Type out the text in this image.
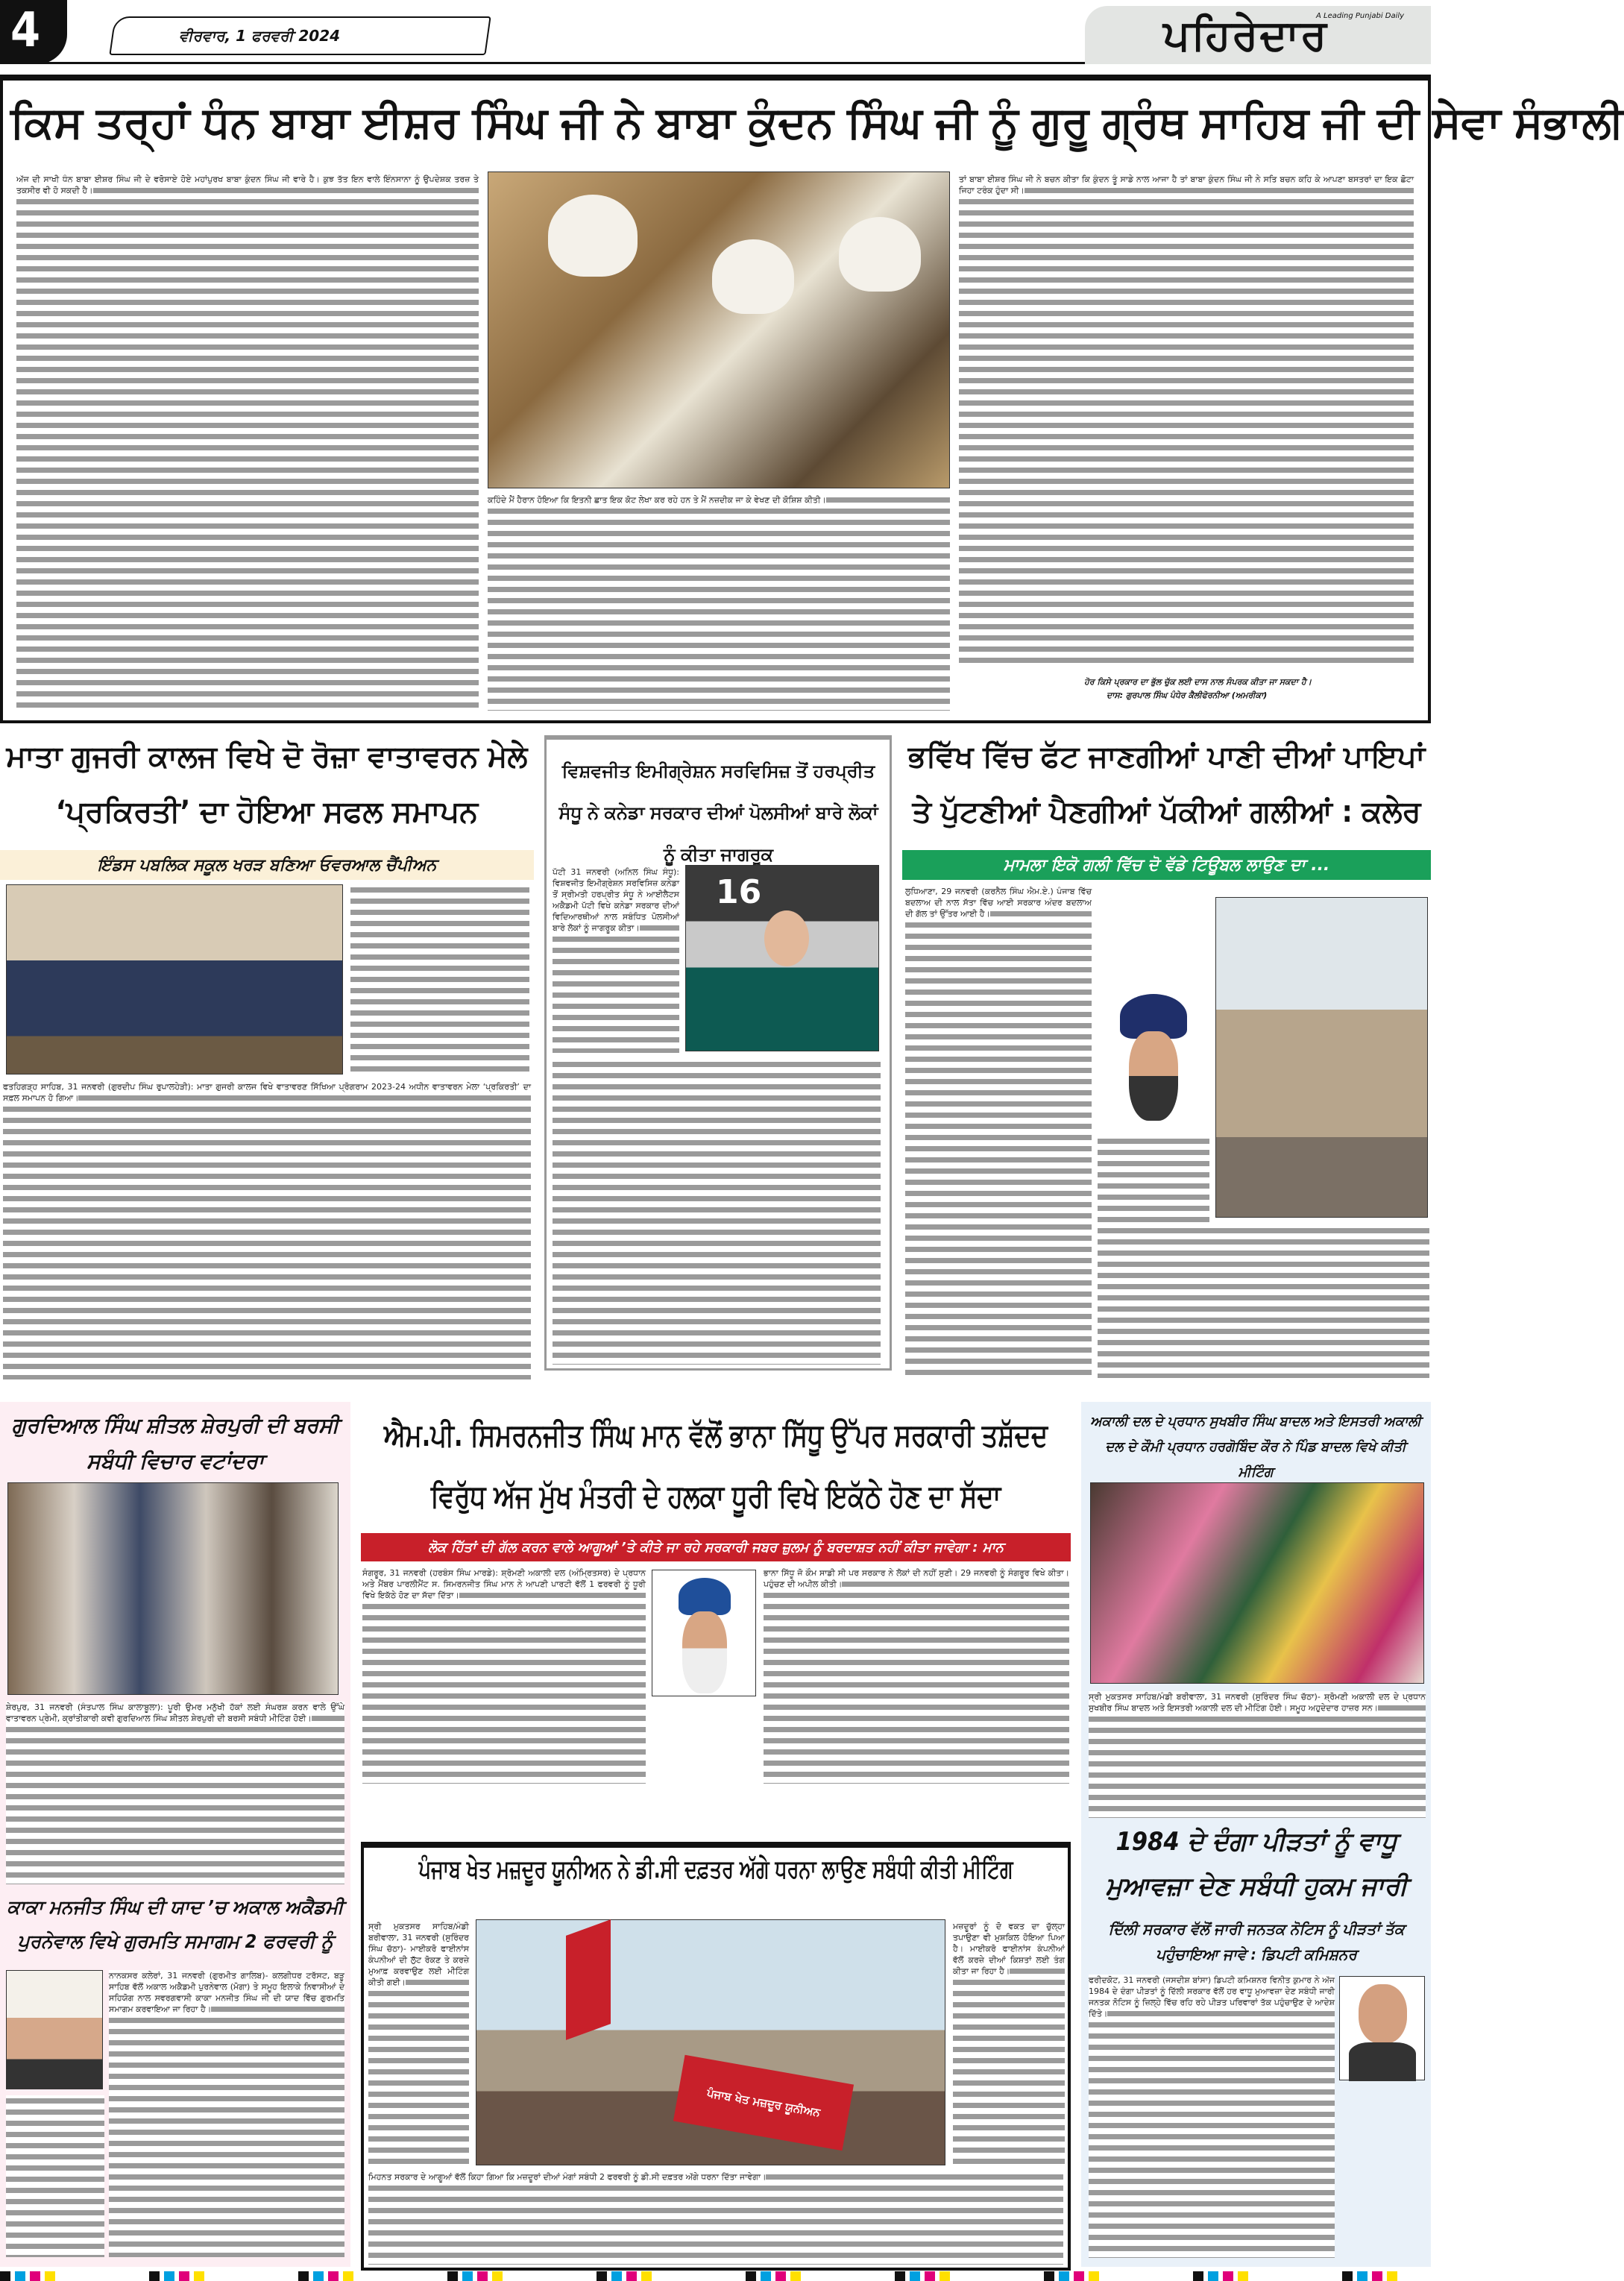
4	ਵੀਰਵਾਰ, 1 ਫਰਵਰੀ 2024
A Leading Punjabi Daily
ਪਹਿਰੇਦਾਰ
ਕਿਸ ਤਰ੍ਹਾਂ ਧੰਨ ਬਾਬਾ ਈਸ਼ਰ ਸਿੰਘ ਜੀ ਨੇ ਬਾਬਾ ਕੁੰਦਨ ਸਿੰਘ ਜੀ ਨੂੰ ਗੁਰੂ ਗ੍ਰੰਥ ਸਾਹਿਬ ਜੀ ਦੀ ਸੇਵਾ ਸੰਭਾਲੀ
ਅੱਜ ਦੀ ਸਾਖੀ ਧੰਨ ਬਾਬਾ ਈਸ਼ਰ ਸਿੰਘ ਜੀ ਦੇ ਵਰੋਸਾਏ ਹੋਏ ਮਹਾਂਪੁਰਖ ਬਾਬਾ ਕੁੰਦਨ ਸਿੰਘ ਜੀ ਵਾਰੇ ਹੈ। ਕੁਝ ਤੱਤ ਇਨ ਵਾਲੇ ਇੰਨਸਾਨਾ ਨੂੰ ਉਪਦੇਸ਼ਕ ਤਰਜ਼ ਤੇ ਤਕਸੀਰ ਵੀ ਹੋ ਸਕਦੀ ਹੈ।
ਕਹਿੰਦੇ ਮੈਂ ਹੈਰਾਨ ਹੋਇਆ ਕਿ ਇਤਨੀ ਛਾਤ ਇਕ ਕੋਟ ਲੇਖਾ ਕਰ ਰਹੇ ਹਨ ਤੇ ਮੈਂ ਨਜ਼ਦੀਕ ਜਾ ਕੇ ਵੇਖਣ ਦੀ ਕੋਸ਼ਿਸ਼ ਕੀਤੀ।
ਤਾਂ ਬਾਬਾ ਈਸ਼ਰ ਸਿੰਘ ਜੀ ਨੇ ਬਚਨ ਕੀਤਾ ਕਿ ਕੁੰਦਨ ਤੂੰ ਸਾਡੇ ਨਾਲ ਆਜਾ ਹੈ ਤਾਂ ਬਾਬਾ ਕੁੰਦਨ ਸਿੰਘ ਜੀ ਨੇ ਸਤਿ ਬਚਨ ਕਹਿ ਕੇ ਆਪਣਾ ਬਸਤਰਾਂ ਦਾ ਇਕ ਛੋਟਾ ਜਿਹਾ ਟਰੰਕ ਹੁੰਦਾ ਸੀ।
ਹੋਰ ਕਿਸੇ ਪ੍ਰਕਾਰ ਦਾ ਭੁੱਲ ਚੁੱਕ ਲਈ ਦਾਸ ਨਾਲ ਸੰਪਰਕ ਕੀਤਾ ਜਾ ਸਕਦਾ ਹੈ।
ਦਾਸ: ਗੁਰਪਾਲ ਸਿੰਘ ਪੰਧੇਰ ਕੈਲੀਫੋਰਨੀਆ (ਅਮਰੀਕਾ)
ਮਾਤਾ ਗੁਜਰੀ ਕਾਲਜ ਵਿਖੇ ਦੋ ਰੋਜ਼ਾ ਵਾਤਾਵਰਨ ਮੇਲੇ ‘ਪ੍ਰਕਿਰਤੀ’ ਦਾ ਹੋਇਆ ਸਫਲ ਸਮਾਪਨ
ਇੰਡਸ ਪਬਲਿਕ ਸਕੂਲ ਖਰੜ ਬਣਿਆ ਓਵਰਆਲ ਚੈਂਪੀਅਨ
ਫਤਹਿਗੜ੍ਹ ਸਾਹਿਬ, 31 ਜਨਵਰੀ (ਗੁਰਦੀਪ ਸਿੰਘ ਰੁਪਾਲਹੇੜੀ): ਮਾਤਾ ਗੁਜਰੀ ਕਾਲਜ ਵਿਖੇ ਵਾਤਾਵਰਣ ਸਿੱਖਿਆ ਪ੍ਰੋਗਰਾਮ 2023-24 ਅਧੀਨ ਵਾਤਾਵਰਨ ਮੇਲਾ ‘ਪ੍ਰਕਿਰਤੀ’ ਦਾ ਸਫ਼ਲ ਸਮਾਪਨ ਹੋ ਗਿਆ।
ਵਿਸ਼ਵਜੀਤ ਇਮੀਗ੍ਰੇਸ਼ਨ ਸਰਵਿਸਿਜ਼ ਤੋਂ ਹਰਪ੍ਰੀਤ ਸੰਧੂ ਨੇ ਕਨੇਡਾ ਸਰਕਾਰ ਦੀਆਂ ਪੋਲਸੀਆਂ ਬਾਰੇ ਲੋਕਾਂ ਨੂੰ ਕੀਤਾ ਜਾਗਰੂਕ
ਪੱਟੀ 31 ਜਨਵਰੀ (ਅਨਿਲ ਸਿੰਘ ਸੰਧੂ): ਵਿਸ਼ਵਜੀਤ ਇਮੀਗ੍ਰੇਸ਼ਨ ਸਰਵਿਸਿਜ਼ ਕਨੇਡਾ ਤੋਂ ਸ੍ਰੀਮਤੀ ਹਰਪ੍ਰੀਤ ਸੰਧੂ ਨੇ ਆਈਲੈਟਸ ਅਕੈਡਮੀ ਪੱਟੀ ਵਿਖੇ ਕਨੇਡਾ ਸਰਕਾਰ ਦੀਆਂ ਵਿਦਿਆਰਥੀਆਂ ਨਾਲ ਸਬੰਧਿਤ ਪੋਲਸੀਆਂ ਬਾਰੇ ਲੋਕਾਂ ਨੂੰ ਜਾਗਰੂਕ ਕੀਤਾ।
16
ਭਵਿੱਖ ਵਿੱਚ ਫੱਟ ਜਾਣਗੀਆਂ ਪਾਣੀ ਦੀਆਂ ਪਾਇਪਾਂ ਤੇ ਪੁੱਟਣੀਆਂ ਪੈਣਗੀਆਂ ਪੱਕੀਆਂ ਗਲੀਆਂ : ਕਲੇਰ
ਮਾਮਲਾ ਇਕੋ ਗਲੀ ਵਿੱਚ ਦੋ ਵੱਡੇ ਟਿਊਬਲ ਲਾਉਣ ਦਾ ...
ਲੁਧਿਆਣਾ, 29 ਜਨਵਰੀ (ਕਰਨੈਲ ਸਿੰਘ ਐਮ.ਏ.) ਪੰਜਾਬ ਵਿੱਚ ਬਦਲਾਅ ਦੀ ਨਾਲ ਸੱਤਾ ਵਿੱਚ ਆਈ ਸਰਕਾਰ ਅੰਦਰ ਬਦਲਾਅ ਦੀ ਗੱਲ ਤਾਂ ਉੱਤਰ ਆਈ ਹੈ।
ਗੁਰਦਿਆਲ ਸਿੰਘ ਸ਼ੀਤਲ ਸ਼ੇਰਪੁਰੀ ਦੀ ਬਰਸੀ ਸਬੰਧੀ ਵਿਚਾਰ ਵਟਾਂਦਰਾ
ਸ਼ੇਰਪੁਰ, 31 ਜਨਵਰੀ (ਸੰਤਪਾਲ ਸਿੰਘ ਕਾਲਾਬੂਲਾ): ਪੂਰੀ ਉਮਰ ਮਨੁੱਖੀ ਹੱਕਾਂ ਲਈ ਸੰਘਰਸ਼ ਕਰਨ ਵਾਲੇ ਉੱਘੇ ਵਾਤਾਵਰਨ ਪ੍ਰੇਮੀ, ਕ੍ਰਾਂਤੀਕਾਰੀ ਕਵੀ ਗੁਰਦਿਆਲ ਸਿੰਘ ਸ਼ੀਤਲ ਸ਼ੇਰਪੁਰੀ ਦੀ ਬਰਸੀ ਸਬੰਧੀ ਮੀਟਿੰਗ ਹੋਈ।
ਕਾਕਾ ਮਨਜੀਤ ਸਿੰਘ ਦੀ ਯਾਦ ’ਚ ਅਕਾਲ ਅਕੈਡਮੀ ਪੁਰਨੇਵਾਲ ਵਿਖੇ ਗੁਰਮਤਿ ਸਮਾਗਮ 2 ਫਰਵਰੀ ਨੂੰ
ਨਾਨਕਸਰ ਕਲੇਰਾਂ, 31 ਜਨਵਰੀ (ਗੁਰਮੀਤ ਗਾਲਿਬ)- ਕਲਗੀਧਰ ਟਰੱਸਟ, ਬੜੂ ਸਾਹਿਬ ਵੱਲੋਂ ਅਕਾਲ ਅਕੈਡਮੀ ਪੁਰਨੇਵਾਲ (ਮੋਗਾ) ਤੇ ਸਮੂਹ ਇਲਾਕੇ ਨਿਵਾਸੀਆਂ ਦੇ ਸਹਿਯੋਗ ਨਾਲ ਸਵਰਗਵਾਸੀ ਕਾਕਾ ਮਨਜੀਤ ਸਿੰਘ ਜੀ ਦੀ ਯਾਦ ਵਿੱਚ ਗੁਰਮਤਿ ਸਮਾਗਮ ਕਰਵਾਇਆ ਜਾ ਰਿਹਾ ਹੈ।
ਐਮ.ਪੀ. ਸਿਮਰਨਜੀਤ ਸਿੰਘ ਮਾਨ ਵੱਲੋਂ ਭਾਨਾ ਸਿੱਧੂ ਉੱਪਰ ਸਰਕਾਰੀ ਤਸ਼ੱਦਦ ਵਿਰੁੱਧ ਅੱਜ ਮੁੱਖ ਮੰਤਰੀ ਦੇ ਹਲਕਾ ਧੂਰੀ ਵਿਖੇ ਇਕੱਠੇ ਹੋਣ ਦਾ ਸੱਦਾ
ਲੋਕ ਹਿੱਤਾਂ ਦੀ ਗੱਲ ਕਰਨ ਵਾਲੇ ਆਗੂਆਂ ’ਤੇ ਕੀਤੇ ਜਾ ਰਹੇ ਸਰਕਾਰੀ ਜਬਰ ਜ਼ੁਲਮ ਨੂੰ ਬਰਦਾਸ਼ਤ ਨਹੀਂ ਕੀਤਾ ਜਾਵੇਗਾ : ਮਾਨ
ਸੰਗਰੂਰ, 31 ਜਨਵਰੀ (ਹਰਬੰਸ ਸਿੰਘ ਮਾਰਡੇ): ਸ਼੍ਰੋਮਣੀ ਅਕਾਲੀ ਦਲ (ਅੰਮ੍ਰਿਤਸਰ) ਦੇ ਪ੍ਰਧਾਨ ਅਤੇ ਮੈਂਬਰ ਪਾਰਲੀਮੈਂਟ ਸ. ਸਿਮਰਨਜੀਤ ਸਿੰਘ ਮਾਨ ਨੇ ਆਪਣੀ ਪਾਰਟੀ ਵੱਲੋਂ 1 ਫਰਵਰੀ ਨੂੰ ਧੂਰੀ ਵਿਖੇ ਇਕੱਠੇ ਹੋਣ ਦਾ ਸੱਦਾ ਦਿੱਤਾ।
ਭਾਨਾ ਸਿੱਧੂ ਜੋ ਕੌਮ ਸਾਡੀ ਸੀ ਪਰ ਸਰਕਾਰ ਨੇ ਲੋਕਾਂ ਦੀ ਨਹੀਂ ਸੁਣੀ। 29 ਜਨਵਰੀ ਨੂੰ ਸੰਗਰੂਰ ਵਿਖੇ ਕੀਤਾ। ਪਹੁੰਚਣ ਦੀ ਅਪੀਲ ਕੀਤੀ।
ਪੰਜਾਬ ਖੇਤ ਮਜ਼ਦੂਰ ਯੂਨੀਅਨ ਨੇ ਡੀ.ਸੀ ਦਫ਼ਤਰ ਅੱਗੇ ਧਰਨਾ ਲਾਉਣ ਸਬੰਧੀ ਕੀਤੀ ਮੀਟਿੰਗ
ਸ੍ਰੀ ਮੁਕਤਸਰ ਸਾਹਿਬ/ਮੰਡੀ ਬਰੀਵਾਲਾ, 31 ਜਨਵਰੀ (ਸੁਰਿੰਦਰ ਸਿੰਘ ਚੱਠਾ)- ਮਾਈਕਰੋ ਫਾਈਨਾਂਸ ਕੰਪਨੀਆਂ ਦੀ ਲੁੱਟ ਰੋਕਣ ਤੇ ਕਰਜ਼ੇ ਮੁਆਫ਼ ਕਰਵਾਉਣ ਲਈ ਮੀਟਿੰਗ ਕੀਤੀ ਗਈ।
ਪੰਜਾਬ ਖੇਤ ਮਜ਼ਦੂਰ ਯੂਨੀਅਨ
ਮਜ਼ਦੂਰਾਂ ਨੂੰ ਦੋ ਵਕਤ ਦਾ ਚੁੱਲ੍ਹਾ ਤਪਾਉਣਾ ਵੀ ਮੁਸ਼ਕਿਲ ਹੋਇਆ ਪਿਆ ਹੈ। ਮਾਈਕਰੋ ਫਾਈਨਾਂਸ ਕੰਪਨੀਆਂ ਵੱਲੋਂ ਕਰਜ਼ੇ ਦੀਆਂ ਕਿਸ਼ਤਾਂ ਲਈ ਤੰਗ ਕੀਤਾ ਜਾ ਰਿਹਾ ਹੈ।
ਮਿਹਨਤ ਸਰਕਾਰ ਦੇ ਆਗੂਆਂ ਵੱਲੋਂ ਕਿਹਾ ਗਿਆ ਕਿ ਮਜ਼ਦੂਰਾਂ ਦੀਆਂ ਮੰਗਾਂ ਸਬੰਧੀ 2 ਫਰਵਰੀ ਨੂੰ ਡੀ.ਸੀ ਦਫ਼ਤਰ ਅੱਗੇ ਧਰਨਾ ਦਿੱਤਾ ਜਾਵੇਗਾ।
ਅਕਾਲੀ ਦਲ ਦੇ ਪ੍ਰਧਾਨ ਸੁਖਬੀਰ ਸਿੰਘ ਬਾਦਲ ਅਤੇ ਇਸਤਰੀ ਅਕਾਲੀ ਦਲ ਦੇ ਕੌਮੀ ਪ੍ਰਧਾਨ ਹਰਗੋਬਿੰਦ ਕੌਰ ਨੇ ਪਿੰਡ ਬਾਦਲ ਵਿਖੇ ਕੀਤੀ ਮੀਟਿੰਗ
ਸ੍ਰੀ ਮੁਕਤਸਰ ਸਾਹਿਬ/ਮੰਡੀ ਬਰੀਵਾਲਾ, 31 ਜਨਵਰੀ (ਸੁਰਿੰਦਰ ਸਿੰਘ ਚੱਠਾ)- ਸ਼੍ਰੋਮਣੀ ਅਕਾਲੀ ਦਲ ਦੇ ਪ੍ਰਧਾਨ ਸੁਖਬੀਰ ਸਿੰਘ ਬਾਦਲ ਅਤੇ ਇਸਤਰੀ ਅਕਾਲੀ ਦਲ ਦੀ ਮੀਟਿੰਗ ਹੋਈ। ਸਮੂਹ ਅਹੁਦੇਦਾਰ ਹਾਜ਼ਰ ਸਨ।
1984 ਦੇ ਦੰਗਾ ਪੀੜਤਾਂ ਨੂੰ ਵਾਧੂ ਮੁਆਵਜ਼ਾ ਦੇਣ ਸਬੰਧੀ ਹੁਕਮ ਜਾਰੀ
ਦਿੱਲੀ ਸਰਕਾਰ ਵੱਲੋਂ ਜਾਰੀ ਜਨਤਕ ਨੋਟਿਸ ਨੂੰ ਪੀੜਤਾਂ ਤੱਕ ਪਹੁੰਚਾਇਆ ਜਾਵੇ : ਡਿਪਟੀ ਕਮਿਸ਼ਨਰ
ਫਰੀਦਕੋਟ, 31 ਜਨਵਰੀ (ਜਸਦੀਸ਼ ਬਾਂਸਾ) ਡਿਪਟੀ ਕਮਿਸ਼ਨਰ ਵਿਨੀਤ ਕੁਮਾਰ ਨੇ ਅੱਜ 1984 ਦੇ ਦੰਗਾ ਪੀੜਤਾਂ ਨੂੰ ਦਿੱਲੀ ਸਰਕਾਰ ਵੱਲੋਂ ਹਰ ਵਾਧੂ ਮੁਆਵਜ਼ਾ ਦੇਣ ਸਬੰਧੀ ਜਾਰੀ ਜਨਤਕ ਨੋਟਿਸ ਨੂੰ ਜ਼ਿਲ੍ਹੇ ਵਿੱਚ ਰਹਿ ਰਹੇ ਪੀੜਤ ਪਰਿਵਾਰਾਂ ਤੱਕ ਪਹੁੰਚਾਉਣ ਦੇ ਆਦੇਸ਼ ਦਿੱਤੇ।
